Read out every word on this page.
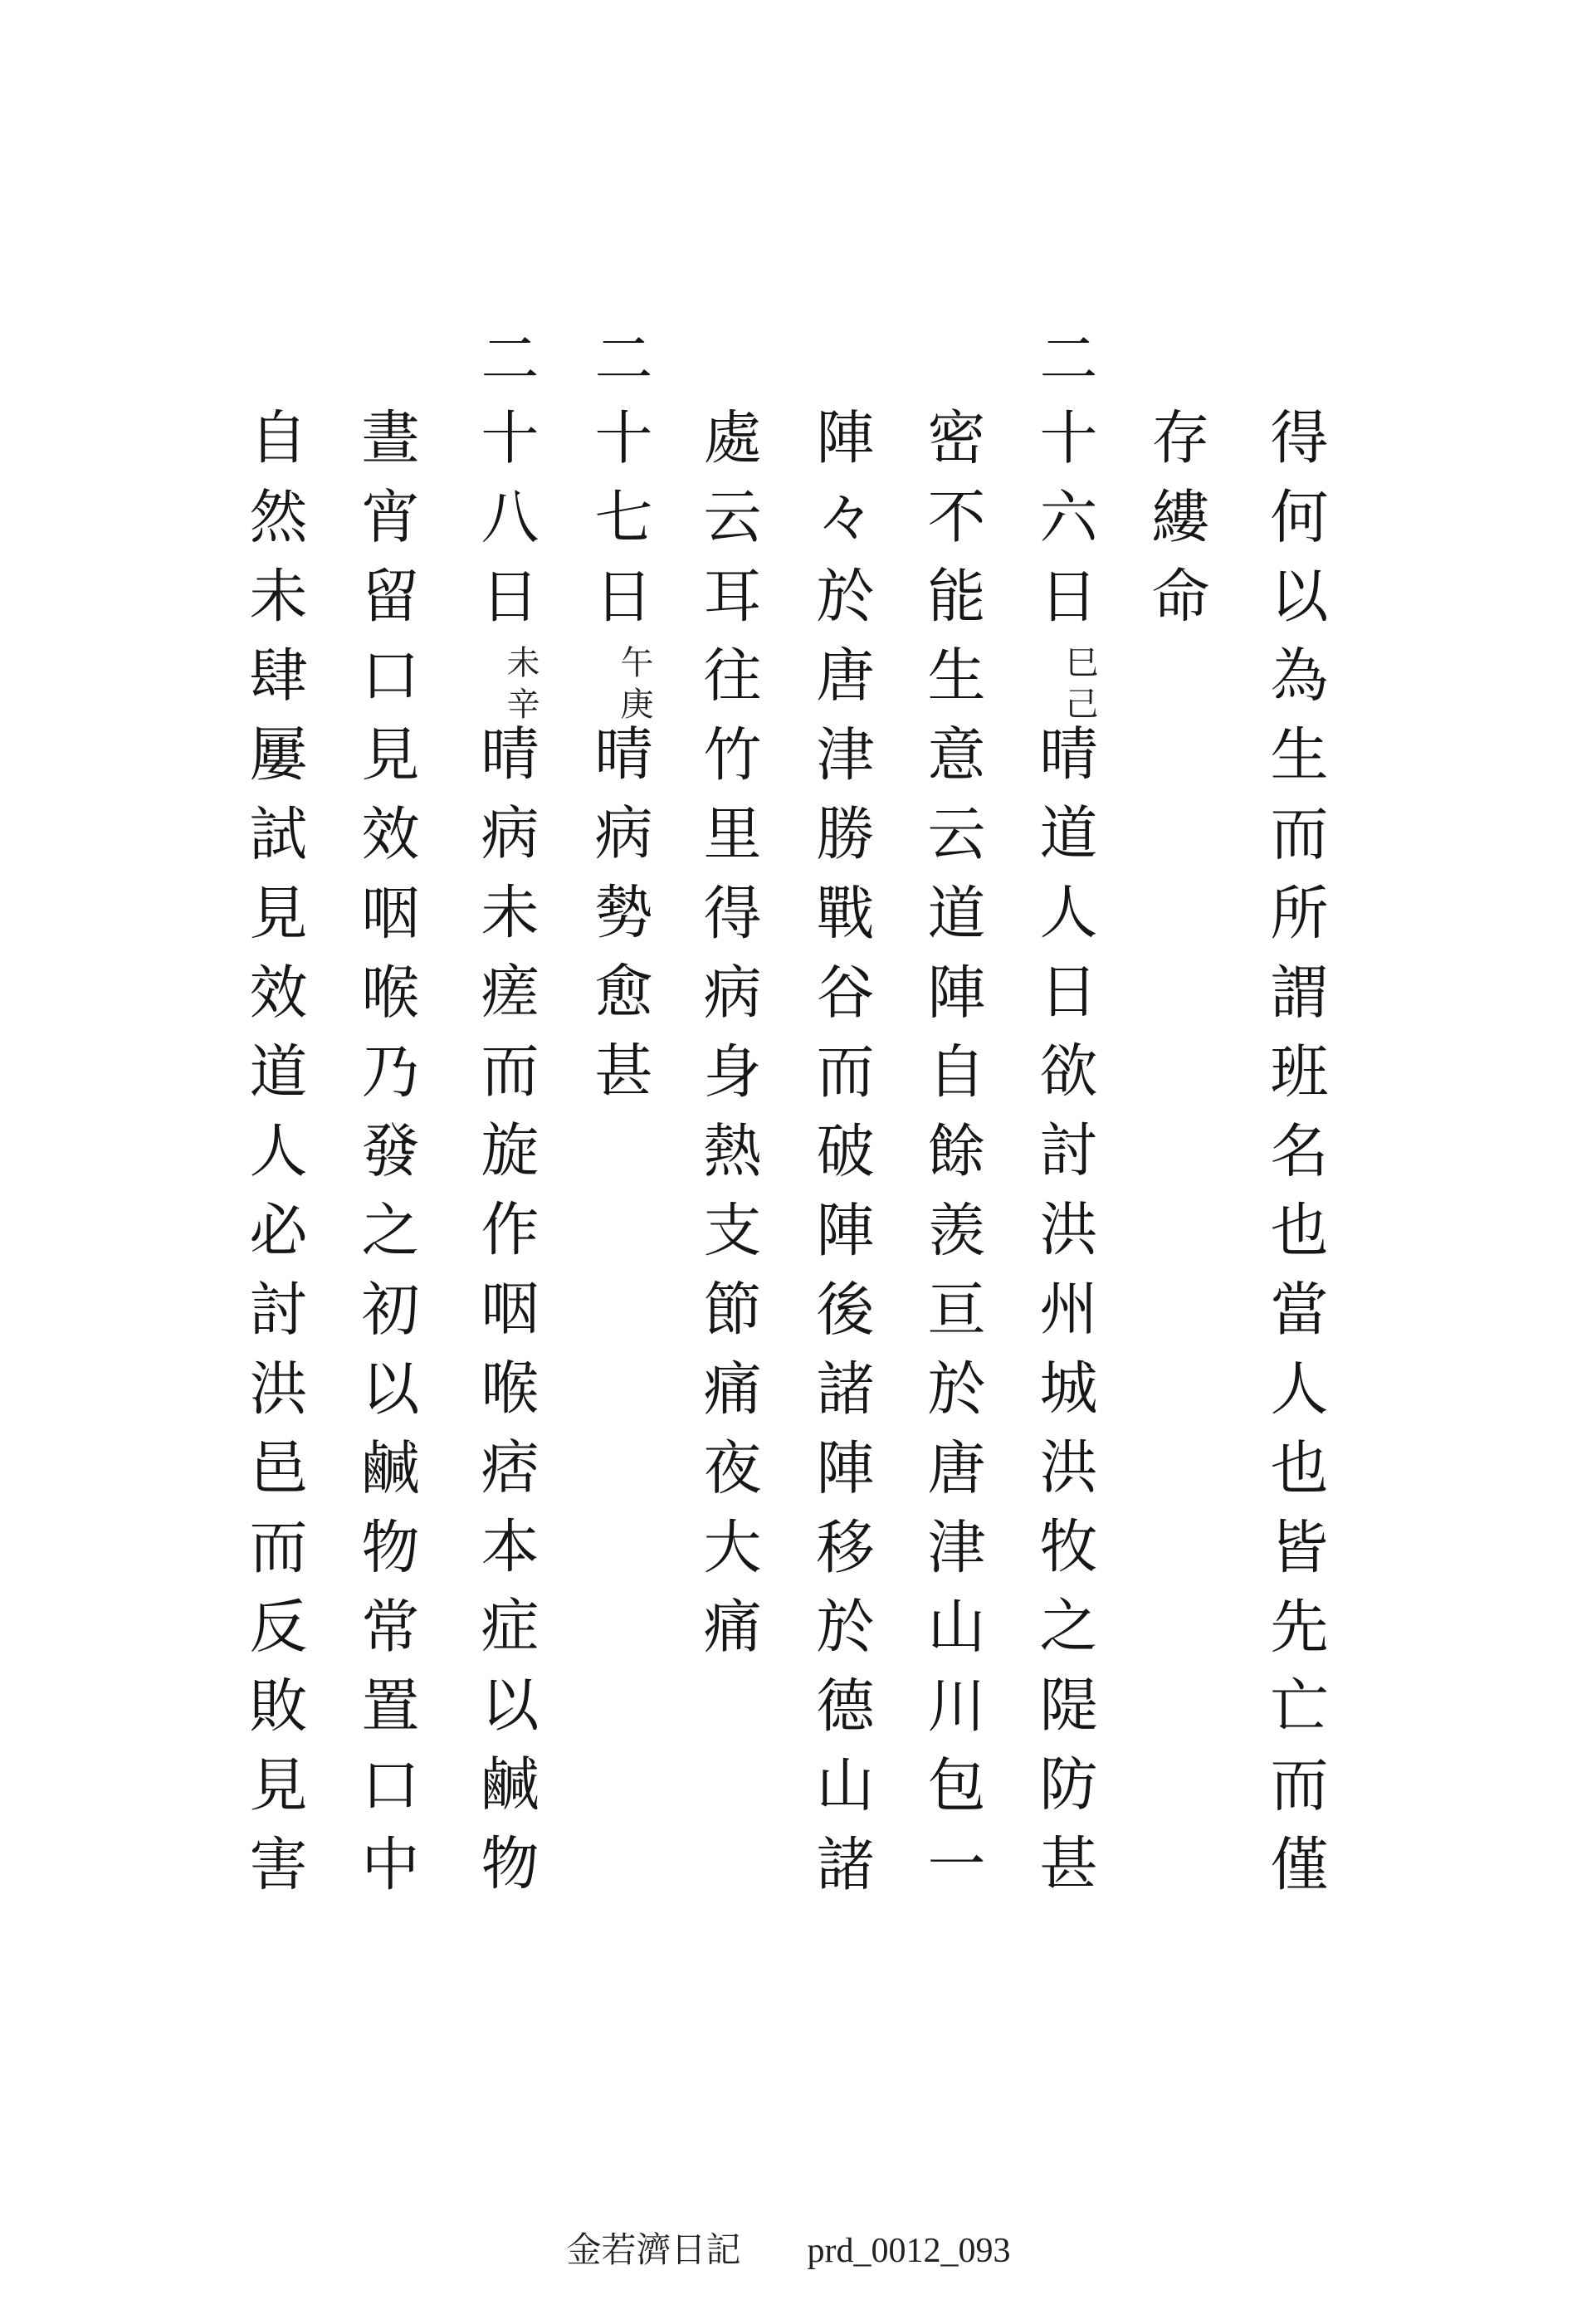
得何以為生而所謂班名也當人也皆先亡而僅
存縷命
二十六日
己
巳
晴道人日欲討洪州城洪牧之隄防甚
密不能生意云道陣自餘羡亘於唐津山川包一
陣々於唐津勝戰谷而破陣後諸陣移於德山諸
處云耳往竹里得病身熱支節痛夜大痛
二十七日
庚
午
晴病勢愈甚
二十八日
辛
未
晴病未瘥而旋作咽喉痞本症以鹹物
晝宵留口見效咽喉乃發之初以鹹物常置口中
自然未肆屢試見效道人必討洪邑而反敗見害
金若濟日記 prd_0012_093
